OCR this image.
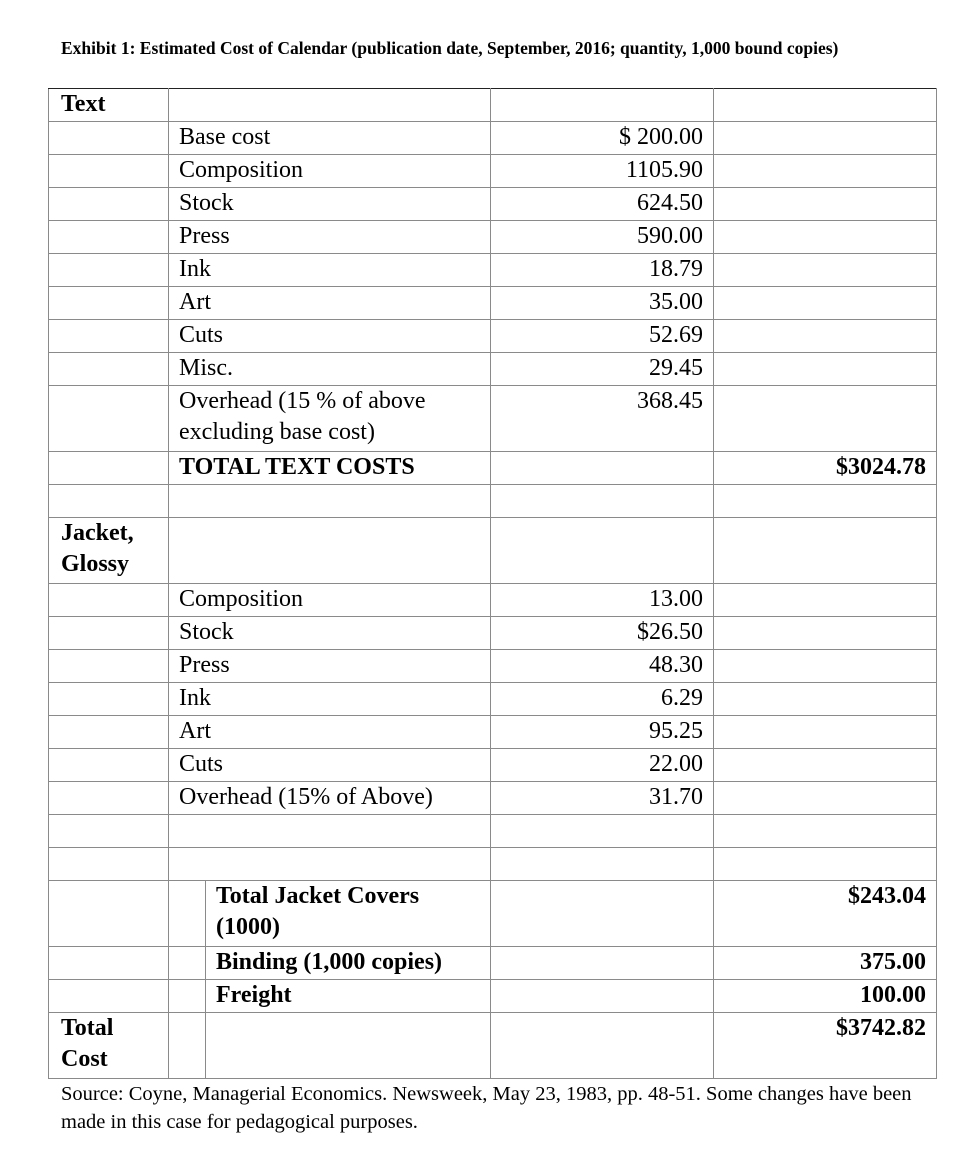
Exhibit 1: Estimated Cost of Calendar (publication date, September, 2016; quantity, 1,000 bound copies)
Text				
	Base cost		$ 200.00	
	Composition		1105.90	
	Stock		624.50	
	Press		590.00	
	Ink		18.79	
	Art		35.00	
	Cuts		52.69	
	Misc.		29.45	
	Overhead (15 % of above excluding base cost)		368.45	
	TOTAL TEXT COSTS			$3024.78

Jacket, Glossy				
	Composition		13.00	
	Stock		$26.50	
	Press		48.30	
	Ink		6.29	
	Art		95.25	
	Cuts		22.00	
	Overhead (15% of Above)		31.70	

		Total Jacket Covers (1000)		$243.04
		Binding (1,000 copies)		375.00
		Freight		100.00
Total Cost				$3742.82
Source: Coyne, Managerial Economics. Newsweek, May 23, 1983, pp. 48-51. Some changes have been made in this case for pedagogical purposes.
